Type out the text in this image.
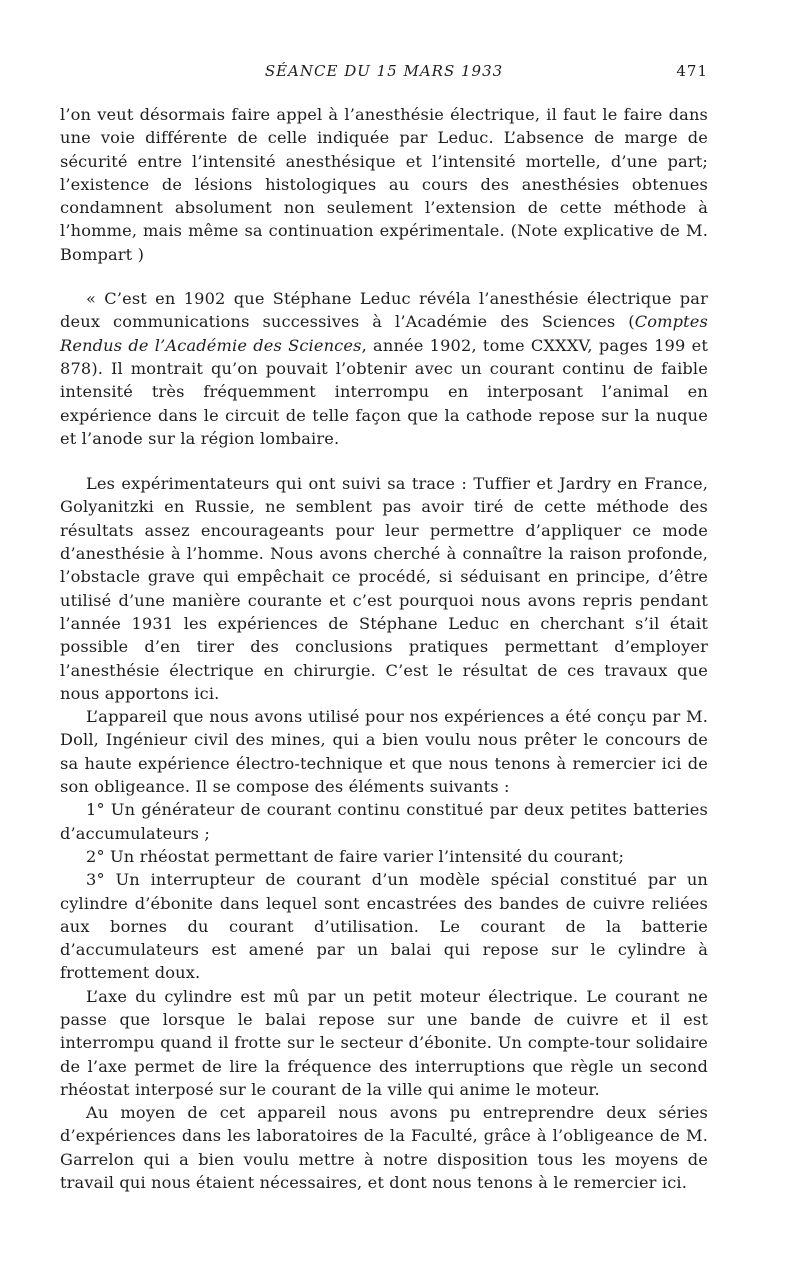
SÉANCE DU 15 MARS 1933	471

l’on veut désormais faire appel à l’anesthésie électrique, il faut le faire dans une voie différente de celle indiquée par Leduc. L’absence de marge de sécurité entre l’intensité anesthésique et l’intensité mortelle, d’une part; l’existence de lésions histologiques au cours des anesthésies obtenues condamnent absolument non seulement l’extension de cette méthode à l’homme, mais même sa continuation expérimentale. (Note explicative de M. Bompart )

« C’est en 1902 que Stéphane Leduc révéla l’anesthésie électrique par deux communications successives à l’Académie des Sciences (Comptes Rendus de l’Académie des Sciences, année 1902, tome CXXXV, pages 199 et 878). Il montrait qu’on pouvait l’obtenir avec un courant continu de faible intensité très fréquemment interrompu en interposant l’animal en expérience dans le circuit de telle façon que la cathode repose sur la nuque et l’anode sur la région lombaire.

Les expérimentateurs qui ont suivi sa trace : Tuffier et Jardry en France, Golyanitzki en Russie, ne semblent pas avoir tiré de cette méthode des résultats assez encourageants pour leur permettre d’appliquer ce mode d’anesthésie à l’homme. Nous avons cherché à connaître la raison profonde, l’obstacle grave qui empêchait ce procédé, si séduisant en principe, d’être utilisé d’une manière courante et c’est pourquoi nous avons repris pendant l’année 1931 les expériences de Stéphane Leduc en cherchant s’il était possible d’en tirer des conclusions pratiques permettant d’employer l’anesthésie électrique en chirurgie. C’est le résultat de ces travaux que nous apportons ici.

L’appareil que nous avons utilisé pour nos expériences a été conçu par M. Doll, Ingénieur civil des mines, qui a bien voulu nous prêter le concours de sa haute expérience électro-technique et que nous tenons à remercier ici de son obligeance. Il se compose des éléments suivants :

1° Un générateur de courant continu constitué par deux petites batteries d’accumulateurs ;

2° Un rhéostat permettant de faire varier l’intensité du courant;

3° Un interrupteur de courant d’un modèle spécial constitué par un cylindre d’ébonite dans lequel sont encastrées des bandes de cuivre reliées aux bornes du courant d’utilisation. Le courant de la batterie d’accumulateurs est amené par un balai qui repose sur le cylindre à frottement doux.

L’axe du cylindre est mû par un petit moteur électrique. Le courant ne passe que lorsque le balai repose sur une bande de cuivre et il est interrompu quand il frotte sur le secteur d’ébonite. Un compte-tour solidaire de l’axe permet de lire la fréquence des interruptions que règle un second rhéostat interposé sur le courant de la ville qui anime le moteur.

Au moyen de cet appareil nous avons pu entreprendre deux séries d’expériences dans les laboratoires de la Faculté, grâce à l’obligeance de M. Garrelon qui a bien voulu mettre à notre disposition tous les moyens de travail qui nous étaient nécessaires, et dont nous tenons à le remercier ici.
